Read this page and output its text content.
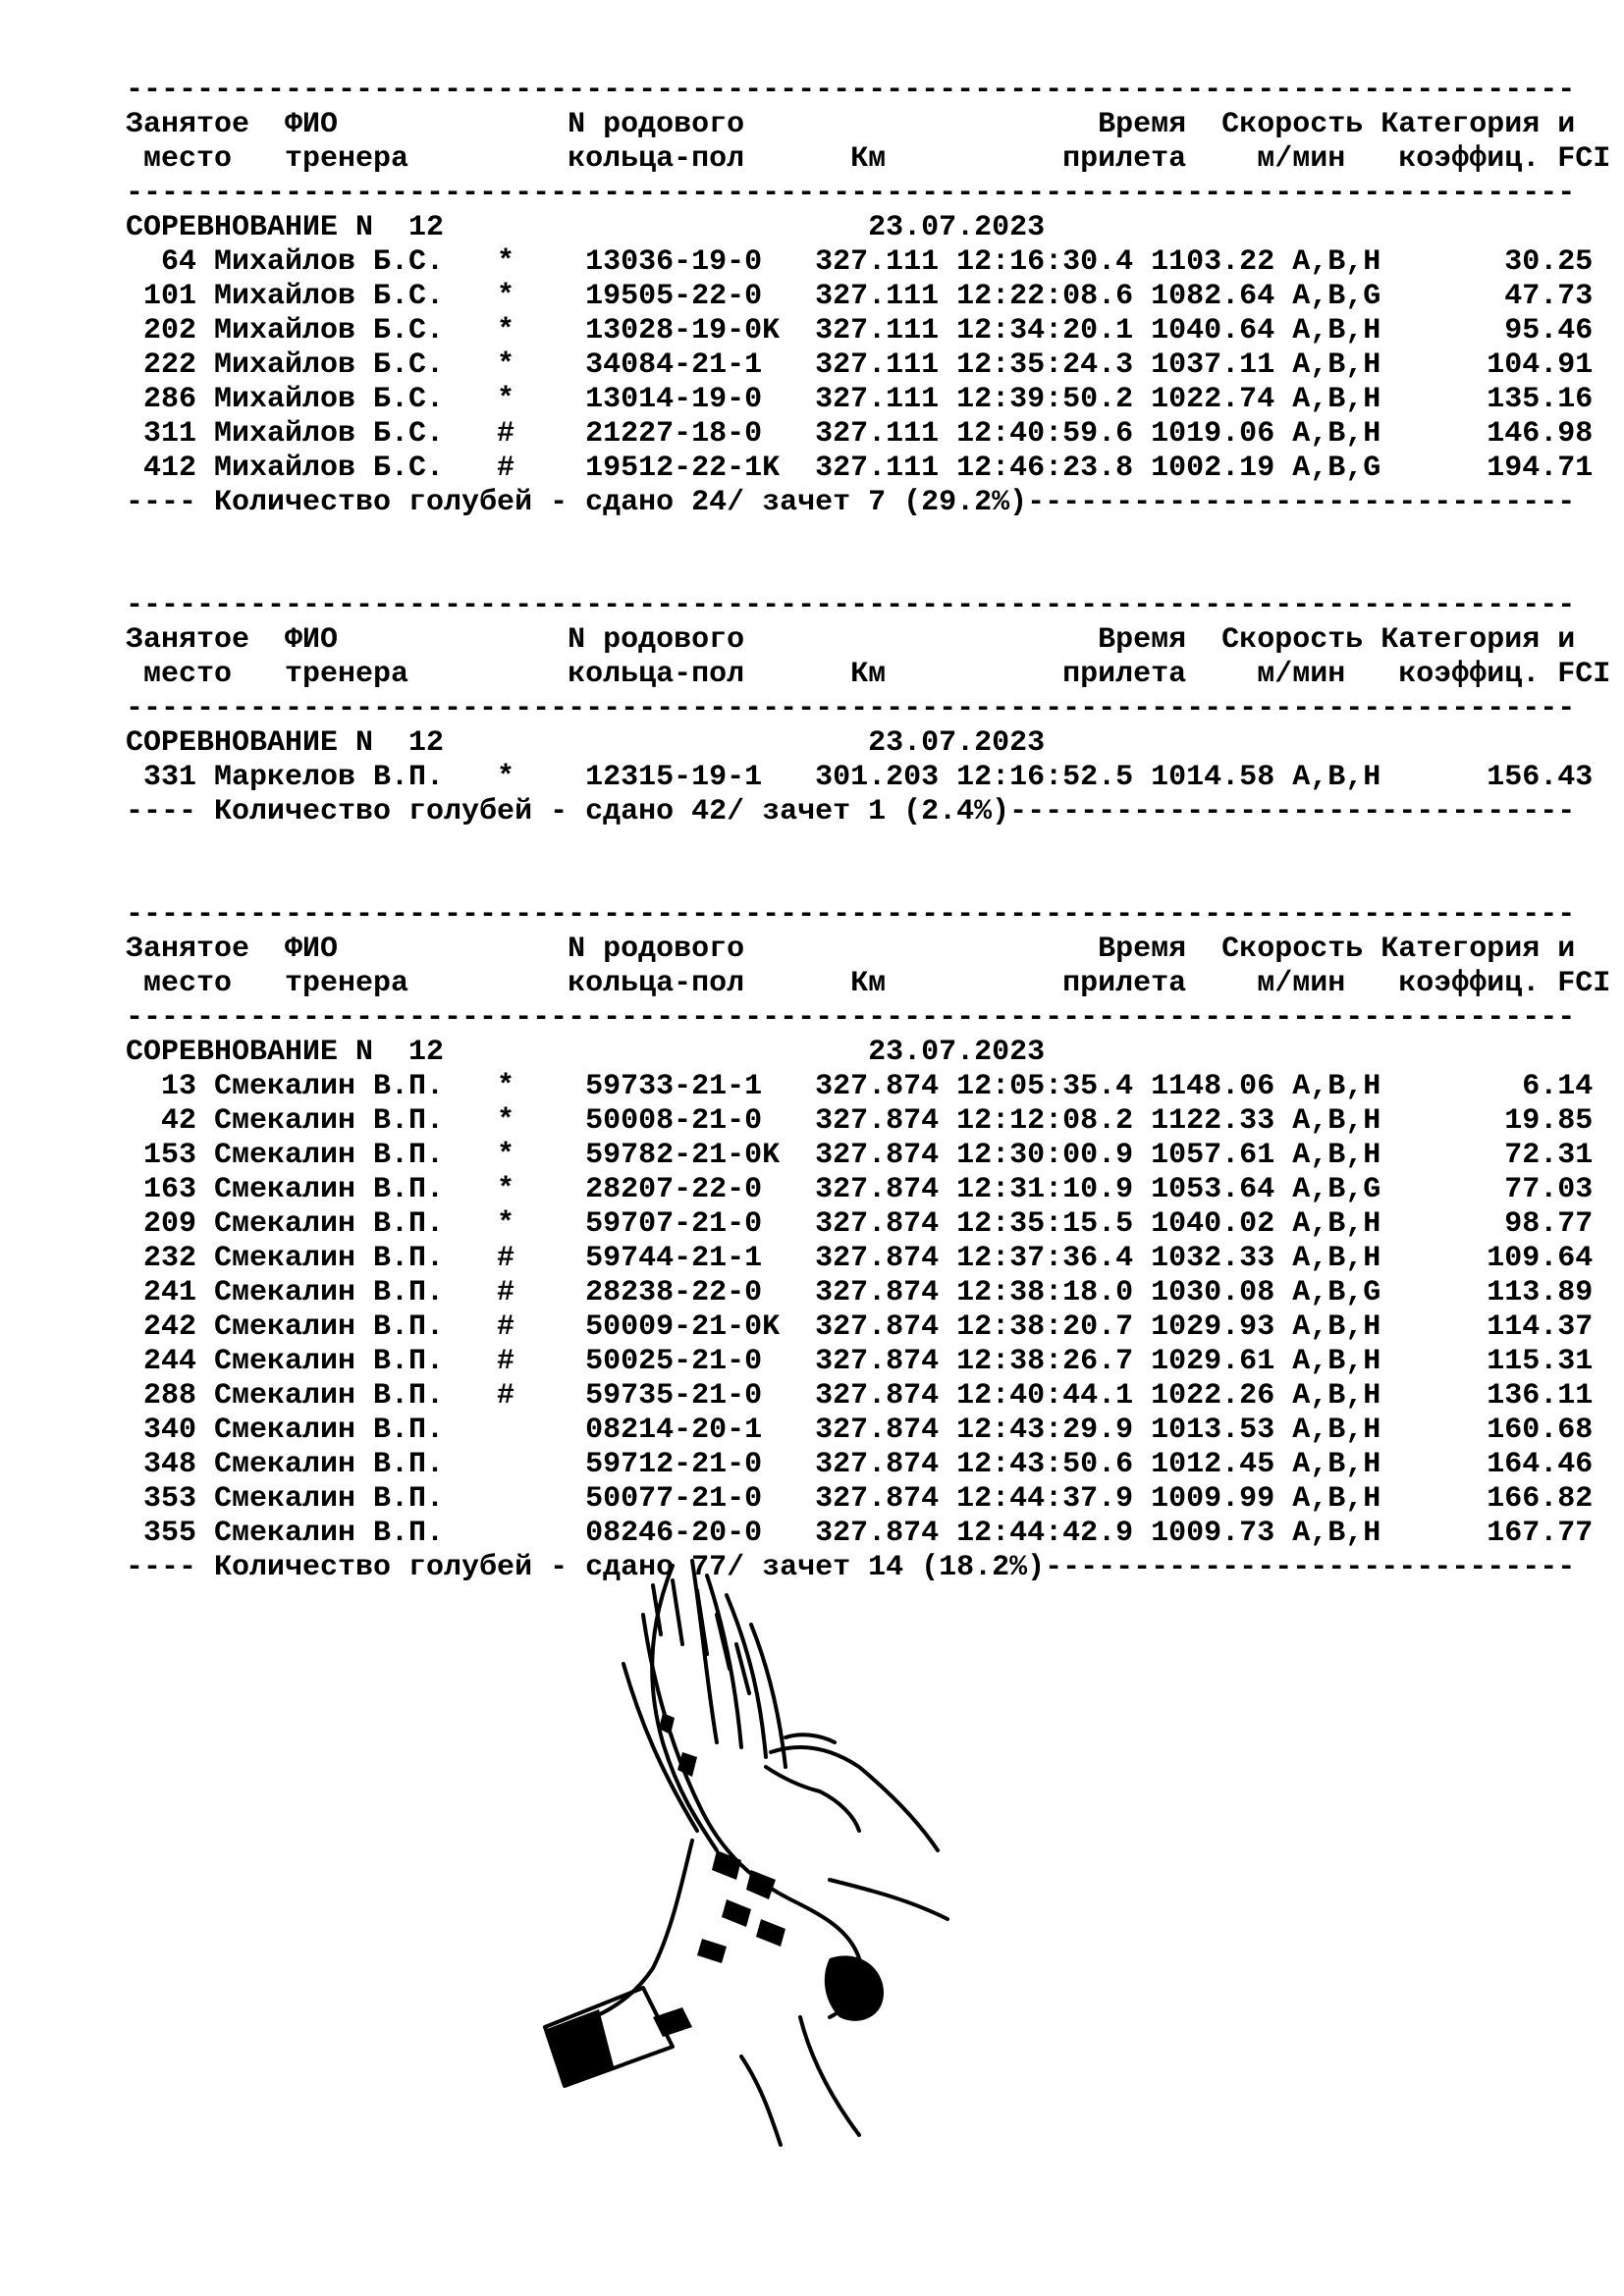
----------------------------------------------------------------------------------
Занятое  ФИО             N родового                    Время  Скорость Категория и
место   тренера         кольца-пол      Км          прилета    м/мин   коэффиц. FCI
----------------------------------------------------------------------------------
СОРЕВНОВАНИЕ N  12                        23.07.2023
64 Михайлов Б.С.   *    13036-19-0   327.111 12:16:30.4 1103.22 A,B,H       30.25
101 Михайлов Б.С.   *    19505-22-0   327.111 12:22:08.6 1082.64 A,B,G       47.73
202 Михайлов Б.С.   *    13028-19-0K  327.111 12:34:20.1 1040.64 A,B,H       95.46
222 Михайлов Б.С.   *    34084-21-1   327.111 12:35:24.3 1037.11 A,B,H      104.91
286 Михайлов Б.С.   *    13014-19-0   327.111 12:39:50.2 1022.74 A,B,H      135.16
311 Михайлов Б.С.   #    21227-18-0   327.111 12:40:59.6 1019.06 A,B,H      146.98
412 Михайлов Б.С.   #    19512-22-1K  327.111 12:46:23.8 1002.19 A,B,G      194.71
---- Количество голубей - сдано 24/ зачет 7 (29.2%)-------------------------------
----------------------------------------------------------------------------------
Занятое  ФИО             N родового                    Время  Скорость Категория и
место   тренера         кольца-пол      Км          прилета    м/мин   коэффиц. FCI
----------------------------------------------------------------------------------
СОРЕВНОВАНИЕ N  12                        23.07.2023
331 Маркелов В.П.   *    12315-19-1   301.203 12:16:52.5 1014.58 A,B,H      156.43
---- Количество голубей - сдано 42/ зачет 1 (2.4%)--------------------------------
----------------------------------------------------------------------------------
Занятое  ФИО             N родового                    Время  Скорость Категория и
место   тренера         кольца-пол      Км          прилета    м/мин   коэффиц. FCI
----------------------------------------------------------------------------------
СОРЕВНОВАНИЕ N  12                        23.07.2023
13 Смекалин В.П.   *    59733-21-1   327.874 12:05:35.4 1148.06 A,B,H        6.14
42 Смекалин В.П.   *    50008-21-0   327.874 12:12:08.2 1122.33 A,B,H       19.85
153 Смекалин В.П.   *    59782-21-0K  327.874 12:30:00.9 1057.61 A,B,H       72.31
163 Смекалин В.П.   *    28207-22-0   327.874 12:31:10.9 1053.64 A,B,G       77.03
209 Смекалин В.П.   *    59707-21-0   327.874 12:35:15.5 1040.02 A,B,H       98.77
232 Смекалин В.П.   #    59744-21-1   327.874 12:37:36.4 1032.33 A,B,H      109.64
241 Смекалин В.П.   #    28238-22-0   327.874 12:38:18.0 1030.08 A,B,G      113.89
242 Смекалин В.П.   #    50009-21-0K  327.874 12:38:20.7 1029.93 A,B,H      114.37
244 Смекалин В.П.   #    50025-21-0   327.874 12:38:26.7 1029.61 A,B,H      115.31
288 Смекалин В.П.   #    59735-21-0   327.874 12:40:44.1 1022.26 A,B,H      136.11
340 Смекалин В.П.        08214-20-1   327.874 12:43:29.9 1013.53 A,B,H      160.68
348 Смекалин В.П.        59712-21-0   327.874 12:43:50.6 1012.45 A,B,H      164.46
353 Смекалин В.П.        50077-21-0   327.874 12:44:37.9 1009.99 A,B,H      166.82
355 Смекалин В.П.        08246-20-0   327.874 12:44:42.9 1009.73 A,B,H      167.77
---- Количество голубей - сдано 77/ зачет 14 (18.2%)------------------------------
